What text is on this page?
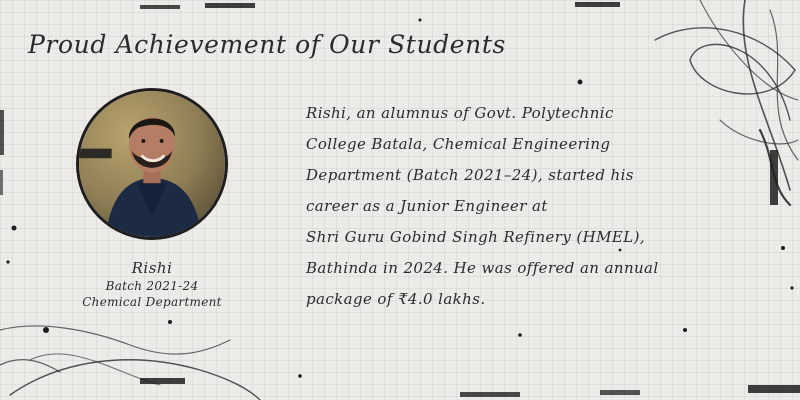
Proud Achievement of Our Students
Rishi
Batch 2021-24
Chemical Department

Rishi, an alumnus of Govt. Polytechnic
College Batala, Chemical Engineering
Department (Batch 2021–24), started his
career as a Junior Engineer at
Shri Guru Gobind Singh Refinery (HMEL),
Bathinda in 2024. He was offered an annual
package of ₹4.0 lakhs.
